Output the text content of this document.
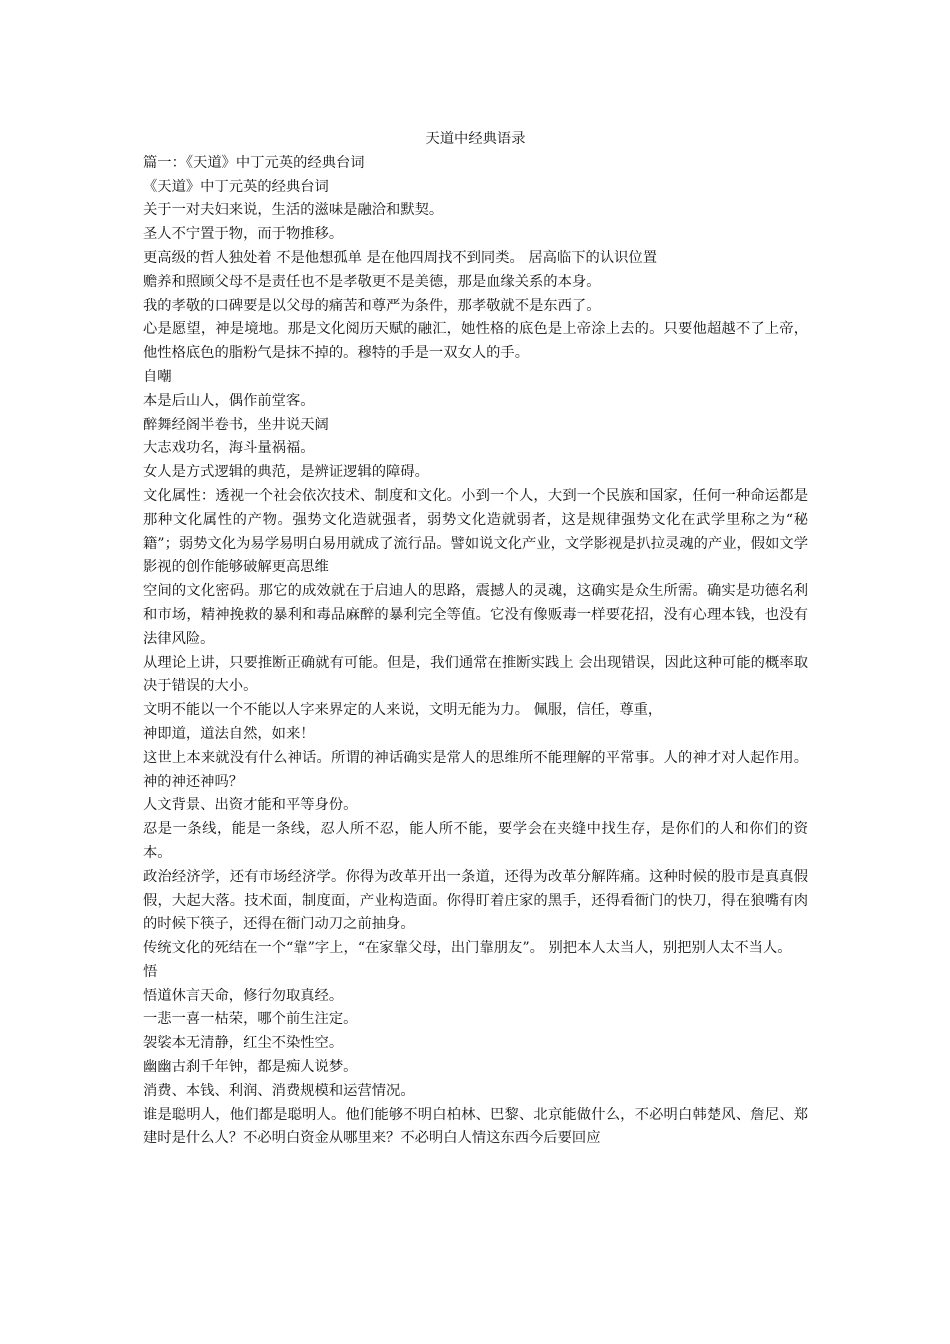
天道中经典语录

篇一：《天道》中丁元英的经典台词

《天道》中丁元英的经典台词

关于一对夫妇来说，生活的滋味是融洽和默契。

圣人不宁置于物，而于物推移。

更高级的哲人独处着 不是他想孤单 是在他四周找不到同类。 居高临下的认识位置

赡养和照顾父母不是责任也不是孝敬更不是美德，那是血缘关系的本身。

我的孝敬的口碑要是以父母的痛苦和尊严为条件，那孝敬就不是东西了。

心是愿望，神是境地。那是文化阅历天赋的融汇，她性格的底色是上帝涂上去的。只要他超越不了上帝，他性格底色的脂粉气是抹不掉的。穆特的手是一双女人的手。

自嘲

本是后山人，偶作前堂客。

醉舞经阁半卷书，坐井说天阔

大志戏功名，海斗量祸福。

女人是方式逻辑的典范，是辨证逻辑的障碍。

文化属性：透视一个社会依次技术、制度和文化。小到一个人，大到一个民族和国家，任何一种命运都是那种文化属性的产物。强势文化造就强者，弱势文化造就弱者，这是规律强势文化在武学里称之为“秘籍”；弱势文化为易学易明白易用就成了流行品。譬如说文化产业，文学影视是扒拉灵魂的产业，假如文学影视的创作能够破解更高思维

空间的文化密码。那它的成效就在于启迪人的思路，震撼人的灵魂，这确实是众生所需。确实是功德名利和市场，精神挽救的暴利和毒品麻醉的暴利完全等值。它没有像贩毒一样要花招，没有心理本钱，也没有法律风险。

从理论上讲，只要推断正确就有可能。但是，我们通常在推断实践上 会出现错误，因此这种可能的概率取决于错误的大小。

文明不能以一个不能以人字来界定的人来说，文明无能为力。 佩服，信任，尊重，

神即道，道法自然，如来！

这世上本来就没有什么神话。所谓的神话确实是常人的思维所不能理解的平常事。人的神才对人起作用。神的神还神吗？

人文背景、出资才能和平等身份。

忍是一条线，能是一条线，忍人所不忍，能人所不能，要学会在夹缝中找生存，是你们的人和你们的资本。

政治经济学，还有市场经济学。你得为改革开出一条道，还得为改革分解阵痛。这种时候的股市是真真假假，大起大落。技术面，制度面，产业构造面。你得盯着庄家的黑手，还得看衙门的快刀，得在狼嘴有肉的时候下筷子，还得在衙门动刀之前抽身。

传统文化的死结在一个“靠”字上，“在家靠父母，出门靠朋友”。 别把本人太当人，别把别人太不当人。

悟

悟道休言天命，修行勿取真经。

一悲一喜一枯荣，哪个前生注定。

袈裟本无清静，红尘不染性空。

幽幽古刹千年钟，都是痴人说梦。

消费、本钱、利润、消费规模和运营情况。

谁是聪明人，他们都是聪明人。他们能够不明白柏林、巴黎、北京能做什么，不必明白韩楚风、詹尼、郑建时是什么人？不必明白资金从哪里来？不必明白人情这东西今后要回应
